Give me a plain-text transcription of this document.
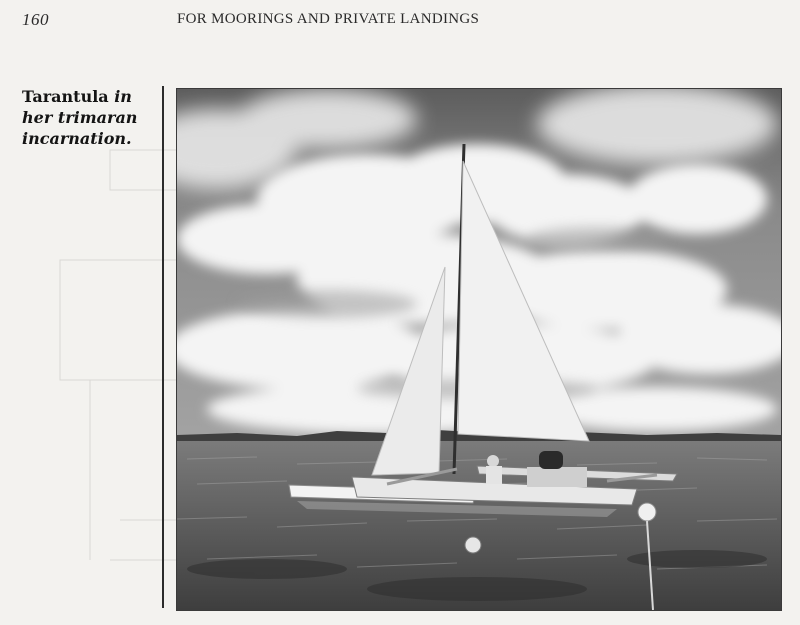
160	FOR MOORINGS AND PRIVATE LANDINGS
Tarantula in her trimaran incarnation.
